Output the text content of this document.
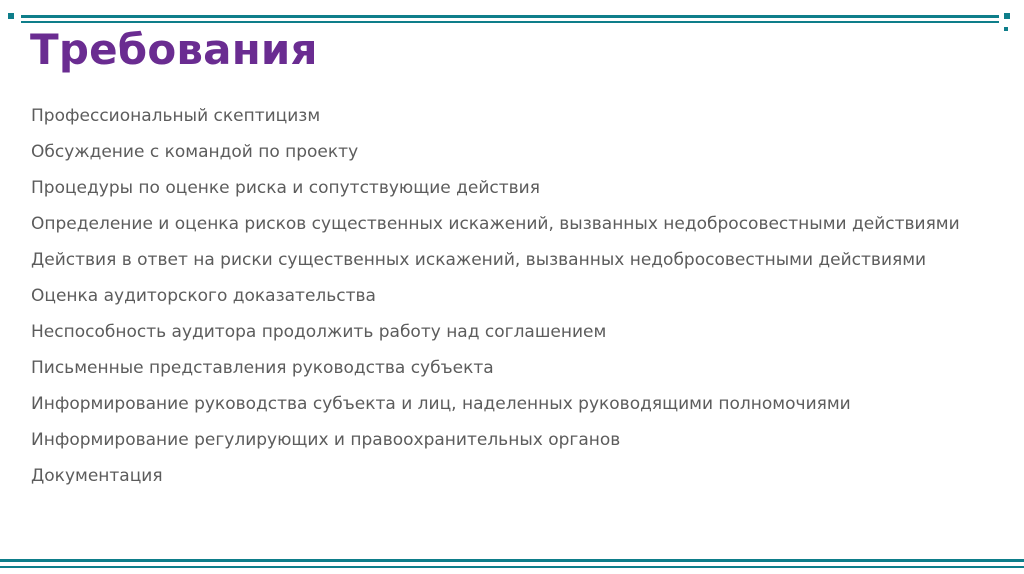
Требования
Профессиональный скептицизм
Обсуждение с командой по проекту
Процедуры по оценке риска и сопутствующие действия
Определение и оценка рисков существенных искажений, вызванных недобросовестными действиями
Действия в ответ на риски существенных искажений, вызванных недобросовестными действиями
Оценка аудиторского доказательства
Неспособность аудитора продолжить работу над соглашением
Письменные представления руководства субъекта
Информирование руководства субъекта и лиц, наделенных руководящими полномочиями
Информирование регулирующих и правоохранительных органов
Документация
